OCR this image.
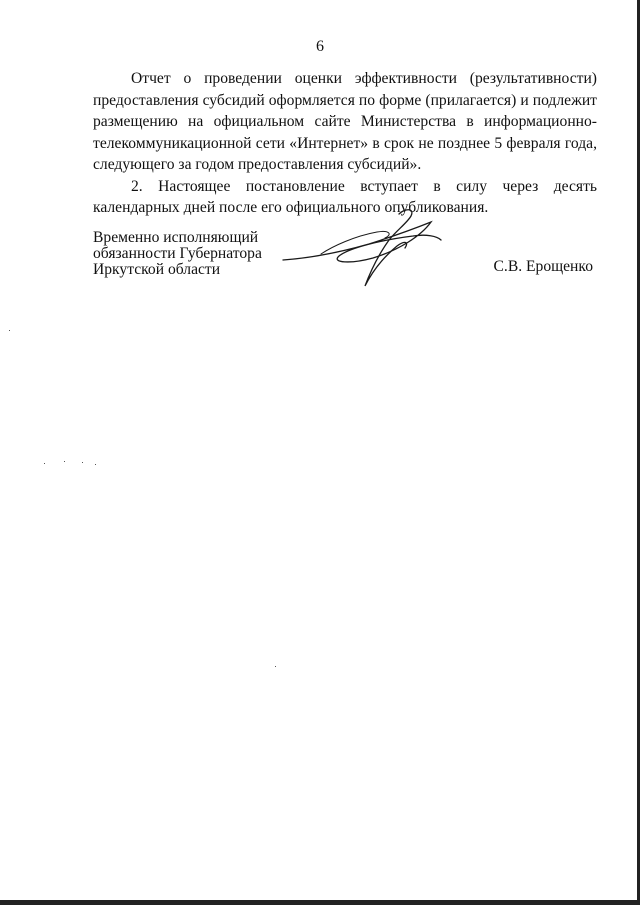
6

Отчет о проведении оценки эффективности (результативности) предоставления субсидий оформляется по форме (прилагается) и подлежит размещению на официальном сайте Министерства в информационно-телекоммуникационной сети «Интернет» в срок не позднее 5 февраля года, следующего за годом предоставления субсидий».

2. Настоящее постановление вступает в силу через десять календарных дней после его официального опубликования.

Временно исполняющий
обязанности Губернатора
Иркутской области	С.В. Ерощенко
